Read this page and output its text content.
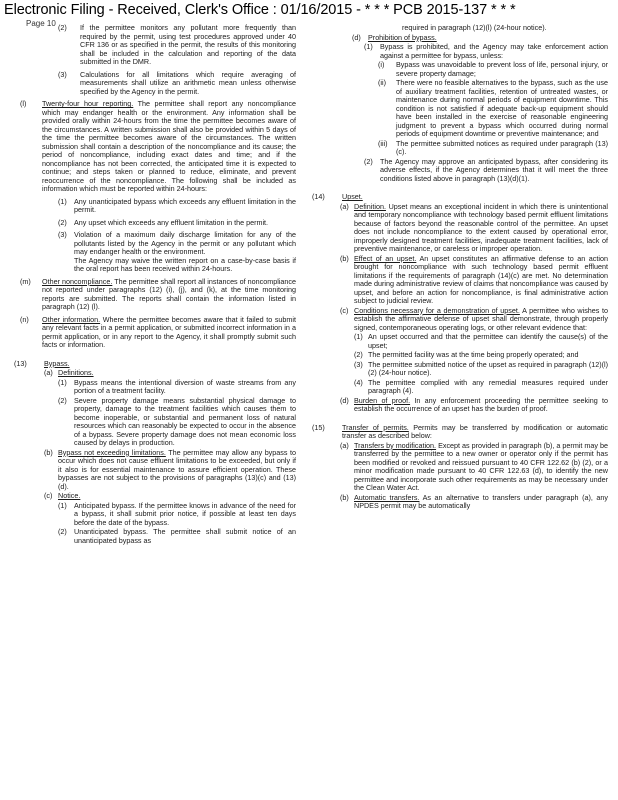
Electronic Filing - Received, Clerk's Office : 01/16/2015 - * * * PCB 2015-137 * * *
Page 10 (2) If the permittee monitors any pollutant more frequently than required by the permit, using test procedures approved under 40 CFR 136 or as specified in the permit, the results of this monitoring shall be included in the calculation and reporting of the data submitted in the DMR.
(3) Calculations for all limitations which require averaging of measurements shall utilize an arithmetic mean unless otherwise specified by the Agency in the permit.
(l) Twenty-four hour reporting. The permittee shall report any noncompliance which may endanger health or the environment. Any information shall be provided orally within 24-hours from the time the permittee becomes aware of the circumstances. A written submission shall also be provided within 5 days of the time the permittee becomes aware of the circumstances. The written submission shall contain a description of the noncompliance and its cause; the period of noncompliance, including exact dates and time; and if the noncompliance has not been corrected, the anticipated time it is expected to continue; and steps taken or planned to reduce, eliminate, and prevent reoccurrence of the noncompliance. The following shall be included as information which must be reported within 24-hours:
(1) Any unanticipated bypass which exceeds any effluent limitation in the permit.
(2) Any upset which exceeds any effluent limitation in the permit.
(3) Violation of a maximum daily discharge limitation for any of the pollutants listed by the Agency in the permit or any pollutant which may endanger health or the environment.
The Agency may waive the written report on a case-by-case basis if the oral report has been received within 24-hours.
(m) Other noncompliance. The permittee shall report all instances of noncompliance not reported under paragraphs (12) (i), (j), and (k), at the time monitoring reports are submitted. The reports shall contain the information listed in paragraph (12) (l).
(n) Other information. Where the permittee becomes aware that it failed to submit any relevant facts in a permit application, or submitted incorrect information in a permit application, or in any report to the Agency, it shall promptly submit such facts or information.
(13) Bypass.
(a) Definitions.
(1) Bypass means the intentional diversion of waste streams from any portion of a treatment facility.
(2) Severe property damage means substantial physical damage to property, damage to the treatment facilities which causes them to become inoperable, or substantial and permanent loss of natural resources which can reasonably be expected to occur in the absence of a bypass. Severe property damage does not mean economic loss caused by delays in production.
(b) Bypass not exceeding limitations. The permittee may allow any bypass to occur which does not cause effluent limitations to be exceeded, but only if it also is for essential maintenance to assure efficient operation. These bypasses are not subject to the provisions of paragraphs (13)(c) and (13)(d).
(c) Notice.
(1) Anticipated bypass. If the permittee knows in advance of the need for a bypass, it shall submit prior notice, if possible at least ten days before the date of the bypass.
(2) Unanticipated bypass. The permittee shall submit notice of an unanticipated bypass as
required in paragraph (12)(l) (24-hour notice).
(d) Prohibition of bypass.
(1) Bypass is prohibited, and the Agency may take enforcement action against a permittee for bypass, unless:
(i) Bypass was unavoidable to prevent loss of life, personal injury, or severe property damage;
(ii) There were no feasible alternatives to the bypass, such as the use of auxiliary treatment facilities, retention of untreated wastes, or maintenance during normal periods of equipment downtime. This condition is not satisfied if adequate back-up equipment should have been installed in the exercise of reasonable engineering judgment to prevent a bypass which occurred during normal periods of equipment downtime or preventive maintenance; and
(iii) The permittee submitted notices as required under paragraph (13)(c).
(2) The Agency may approve an anticipated bypass, after considering its adverse effects, if the Agency determines that it will meet the three conditions listed above in paragraph (13)(d)(1).
(14) Upset.
(a) Definition. Upset means an exceptional incident in which there is unintentional and temporary noncompliance with technology based permit effluent limitations because of factors beyond the reasonable control of the permittee. An upset does not include noncompliance to the extent caused by operational error, improperly designed treatment facilities, inadequate treatment facilities, lack of preventive maintenance, or careless or improper operation.
(b) Effect of an upset. An upset constitutes an affirmative defense to an action brought for noncompliance with such technology based permit effluent limitations if the requirements of paragraph (14)(c) are met. No determination made during administrative review of claims that noncompliance was caused by upset, and before an action for noncompliance, is final administrative action subject to judicial review.
(c) Conditions necessary for a demonstration of upset. A permittee who wishes to establish the affirmative defense of upset shall demonstrate, through properly signed, contemporaneous operating logs, or other relevant evidence that:
(1) An upset occurred and that the permittee can identify the cause(s) of the upset;
(2) The permitted facility was at the time being properly operated; and
(3) The permittee submitted notice of the upset as required in paragraph (12)(l)(2) (24-hour notice).
(4) The permittee complied with any remedial measures required under paragraph (4).
(d) Burden of proof. In any enforcement proceeding the permittee seeking to establish the occurrence of an upset has the burden of proof.
(15) Transfer of permits. Permits may be transferred by modification or automatic transfer as described below:
(a) Transfers by modification. Except as provided in paragraph (b), a permit may be transferred by the permittee to a new owner or operator only if the permit has been modified or revoked and reissued pursuant to 40 CFR 122.62 (b) (2), or a minor modification made pursuant to 40 CFR 122.63 (d), to identify the new permittee and incorporate such other requirements as may be necessary under the Clean Water Act.
(b) Automatic transfers. As an alternative to transfers under paragraph (a), any NPDES permit may be automatically
